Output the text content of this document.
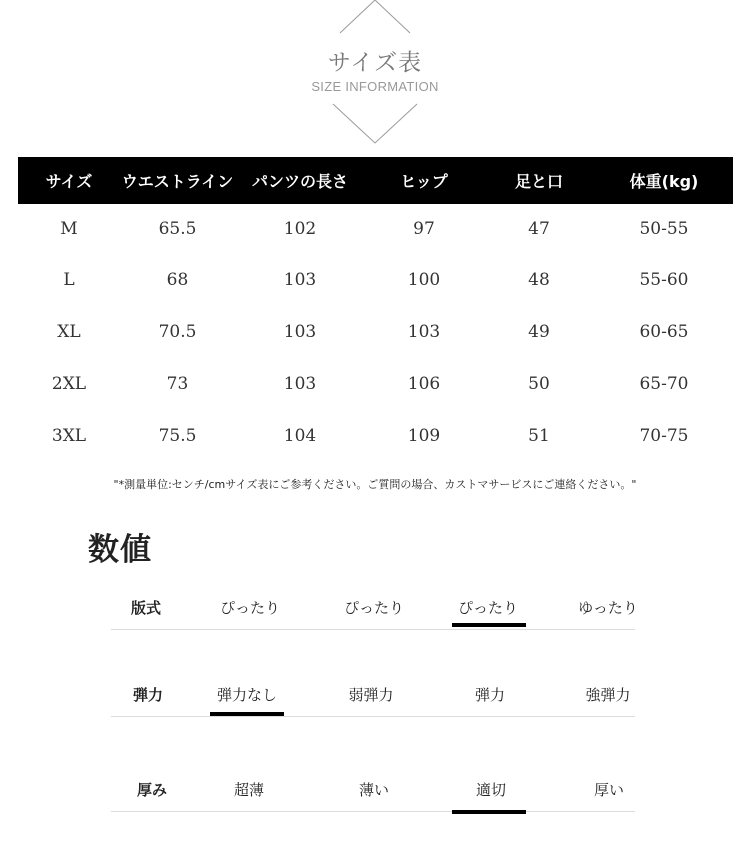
サイズ表
SIZE INFORMATION
サイズ	ウエストライン	パンツの長さ	ヒップ	足と口	体重(kg)
M	65.5	102	97	47	50-55
L	68	103	100	48	55-60
XL	70.5	103	103	49	60-65
2XL	73	103	106	50	65-70
3XL	75.5	104	109	51	70-75
"*測量単位:センチ/cmサイズ表にご参考ください。ご質問の場合、カストマサービスにご連絡ください。"
数値
版式	ぴったり	ぴったり	ぴったり	ゆったり
弾力	弾力なし	弱弾力	弾力	強弾力
厚み	超薄	薄い	適切	厚い
